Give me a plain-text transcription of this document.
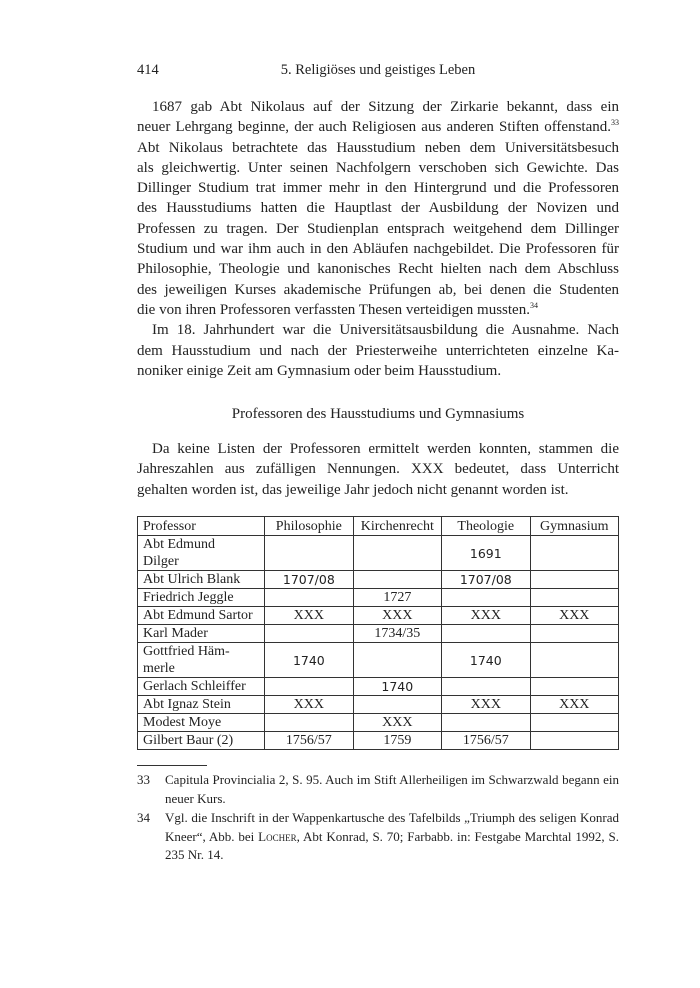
414	5. Religiöses und geistiges Leben

1687 gab Abt Nikolaus auf der Sitzung der Zirkarie bekannt, dass ein
neuer Lehrgang beginne, der auch Religiosen aus anderen Stiften offenstand.$^{33}$
Abt Nikolaus betrachtete das Hausstudium neben dem Universitätsbesuch
als gleichwertig. Unter seinen Nachfolgern verschoben sich Gewichte. Das
Dillinger Studium trat immer mehr in den Hintergrund und die Professoren
des Hausstudiums hatten die Hauptlast der Ausbildung der Novizen und
Professen zu tragen. Der Studienplan entsprach weitgehend dem Dillinger
Studium und war ihm auch in den Abläufen nachgebildet. Die Professoren für
Philosophie, Theologie und kanonisches Recht hielten nach dem Abschluss
des jeweiligen Kurses akademische Prüfungen ab, bei denen die Studenten
die von ihren Professoren verfassten Thesen verteidigen mussten.$^{34}$

Im 18. Jahrhundert war die Universitätsausbildung die Ausnahme. Nach
dem Hausstudium und nach der Priesterweihe unterrichteten einzelne Ka-
noniker einige Zeit am Gymnasium oder beim Hausstudium.

Professoren des Hausstudiums und Gymnasiums

Da keine Listen der Professoren ermittelt werden konnten, stammen die
Jahreszahlen aus zufälligen Nennungen. XXX bedeutet, dass Unterricht
gehalten worden ist, das jeweilige Jahr jedoch nicht genannt worden ist.

Professor	Philosophie	Kirchenrecht	Theologie	Gymnasium
Abt Edmund
Dilger			1691	
Abt Ulrich Blank	1707/08		1707/08	
Friedrich Jeggle		1727		
Abt Edmund Sartor	XXX	XXX	XXX	XXX
Karl Mader		1734/35		
Gottfried Häm-
merle	1740		1740	
Gerlach Schleiffer		1740		
Abt Ignaz Stein	XXX		XXX	XXX
Modest Moye		XXX		
Gilbert Baur (2)	1756/57	1759	1756/57	

33 Capitula Provincialia 2, S. 95. Auch im Stift Allerheiligen im Schwarzwald begann ein neuer Kurs.

34 Vgl. die Inschrift in der Wappenkartusche des Tafelbilds „Triumph des seligen Konrad Kneer“, Abb. bei Locher, Abt Konrad, S. 70; Farbabb. in: Festgabe Marchtal 1992, S. 235 Nr. 14.
